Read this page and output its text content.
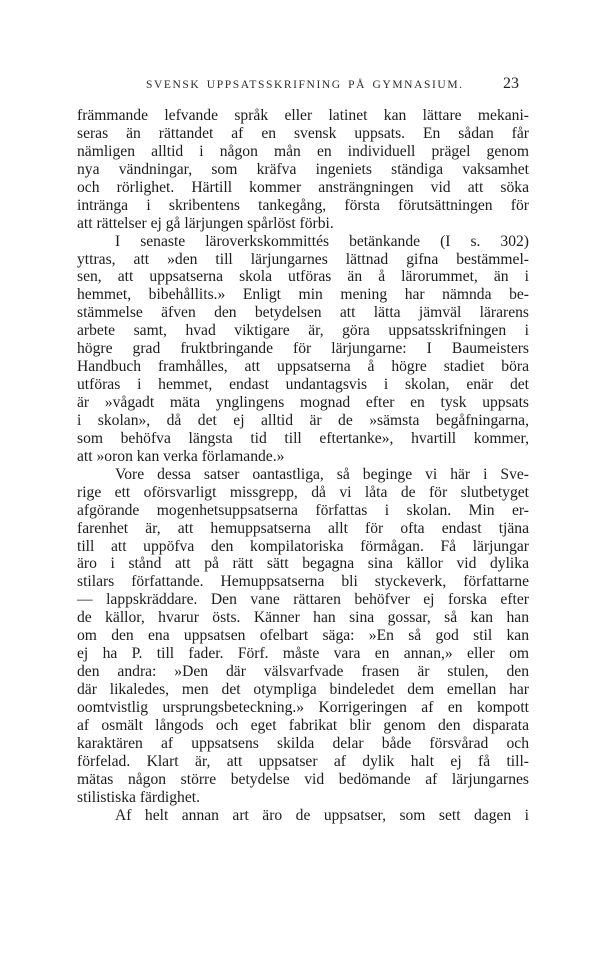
SVENSK UPPSATSSKRIFNING PÅ GYMNASIUM. 23
främmande lefvande språk eller latinet kan lättare mekani-
seras än rättandet af en svensk uppsats. En sådan får
nämligen alltid i någon mån en individuell prägel genom
nya vändningar, som kräfva ingeniets ständiga vaksamhet
och rörlighet. Härtill kommer ansträngningen vid att söka
intränga i skribentens tankegång, första förutsättningen för
att rättelser ej gå lärjungen spårlöst förbi.
I senaste läroverkskommittés betänkande (I s. 302)
yttras, att »den till lärjungarnes lättnad gifna bestämmel-
sen, att uppsatserna skola utföras än å lärorummet, än i
hemmet, bibehållits.» Enligt min mening har nämnda be-
stämmelse äfven den betydelsen att lätta jämväl lärarens
arbete samt, hvad viktigare är, göra uppsatsskrifningen i
högre grad fruktbringande för lärjungarne: I Baumeisters
Handbuch framhålles, att uppsatserna å högre stadiet böra
utföras i hemmet, endast undantagsvis i skolan, enär det
är »vågadt mäta ynglingens mognad efter en tysk uppsats
i skolan», då det ej alltid är de »sämsta begåfningarna,
som behöfva längsta tid till eftertanke», hvartill kommer,
att »oron kan verka förlamande.»
Vore dessa satser oantastliga, så beginge vi här i Sve-
rige ett oförsvarligt missgrepp, då vi låta de för slutbetyget
afgörande mogenhetsuppsatserna författas i skolan. Min er-
farenhet är, att hemuppsatserna allt för ofta endast tjäna
till att uppöfva den kompilatoriska förmågan. Få lärjungar
äro i stånd att på rätt sätt begagna sina källor vid dylika
stilars författande. Hemuppsatserna bli styckeverk, författarne
— lappskräddare. Den vane rättaren behöfver ej forska efter
de källor, hvarur östs. Känner han sina gossar, så kan han
om den ena uppsatsen ofelbart säga: »En så god stil kan
ej ha P. till fader. Förf. måste vara en annan,» eller om
den andra: »Den där välsvarfvade frasen är stulen, den
där likaledes, men det otympliga bindeledet dem emellan har
oomtvistlig ursprungsbeteckning.» Korrigeringen af en kompott
af osmält långods och eget fabrikat blir genom den disparata
karaktären af uppsatsens skilda delar både försvårad och
förfelad. Klart är, att uppsatser af dylik halt ej få till-
mätas någon större betydelse vid bedömande af lärjungarnes
stilistiska färdighet.
Af helt annan art äro de uppsatser, som sett dagen i
